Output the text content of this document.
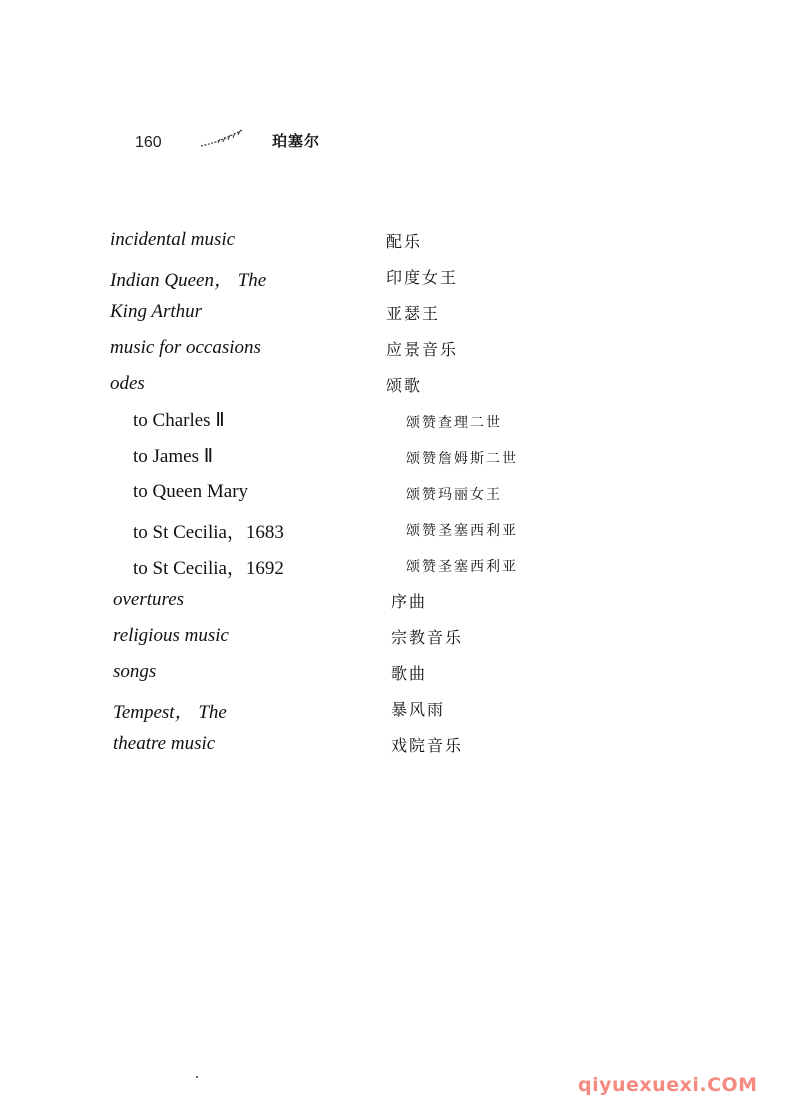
160	珀塞尔
incidental music	配乐
Indian Queen， The	印度女王
King Arthur	亚瑟王
music for occasions	应景音乐
odes	颂歌
to Charles Ⅱ	颂赞查理二世
to James Ⅱ	颂赞詹姆斯二世
to Queen Mary	颂赞玛丽女王
to St Cecilia，1683	颂赞圣塞西利亚
to St Cecilia，1692	颂赞圣塞西利亚
overtures	序曲
religious music	宗教音乐
songs	歌曲
Tempest， The	暴风雨
theatre music	戏院音乐
qiyuexuexi.COM
